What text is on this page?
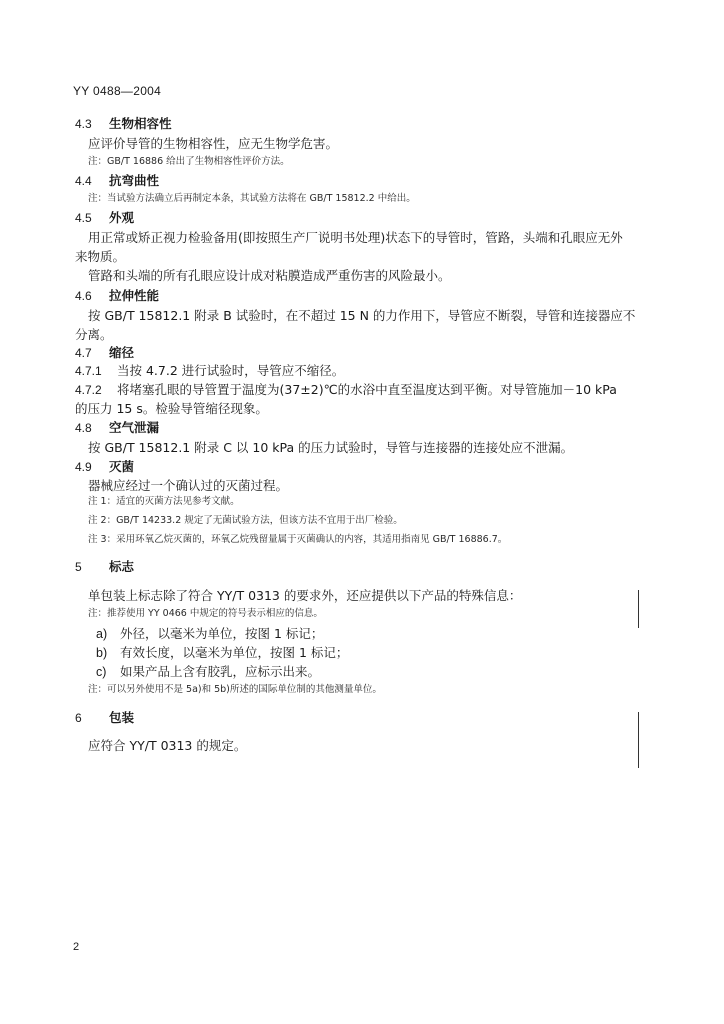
YY 0488—2004
4.3 生物相容性
应评价导管的生物相容性，应无生物学危害。
注：GB/T 16886 给出了生物相容性评价方法。
4.4 抗弯曲性
注：当试验方法确立后再制定本条，其试验方法将在 GB/T 15812.2 中给出。
4.5 外观
用正常或矫正视力检验备用(即按照生产厂说明书处理)状态下的导管时，管路，头端和孔眼应无外
来物质。
管路和头端的所有孔眼应设计成对粘膜造成严重伤害的风险最小。
4.6 拉伸性能
按 GB/T 15812.1 附录 B 试验时，在不超过 15 N 的力作用下，导管应不断裂，导管和连接器应不
分离。
4.7 缩径
4.7.1 当按 4.7.2 进行试验时，导管应不缩径。
4.7.2 将堵塞孔眼的导管置于温度为(37±2)℃的水浴中直至温度达到平衡。对导管施加－10 kPa
的压力 15 s。检验导管缩径现象。
4.8 空气泄漏
按 GB/T 15812.1 附录 C 以 10 kPa 的压力试验时，导管与连接器的连接处应不泄漏。
4.9 灭菌
器械应经过一个确认过的灭菌过程。
注 1：适宜的灭菌方法见参考文献。
注 2：GB/T 14233.2 规定了无菌试验方法，但该方法不宜用于出厂检验。
注 3：采用环氧乙烷灭菌的，环氧乙烷残留量属于灭菌确认的内容，其适用指南见 GB/T 16886.7。
5 标志
单包装上标志除了符合 YY/T 0313 的要求外，还应提供以下产品的特殊信息：
注：推荐使用 YY 0466 中规定的符号表示相应的信息。
a) 外径，以毫米为单位，按图 1 标记；
b) 有效长度，以毫米为单位，按图 1 标记；
c) 如果产品上含有胶乳，应标示出来。
注：可以另外使用不是 5a)和 5b)所述的国际单位制的其他测量单位。
6 包装
应符合 YY/T 0313 的规定。
2
